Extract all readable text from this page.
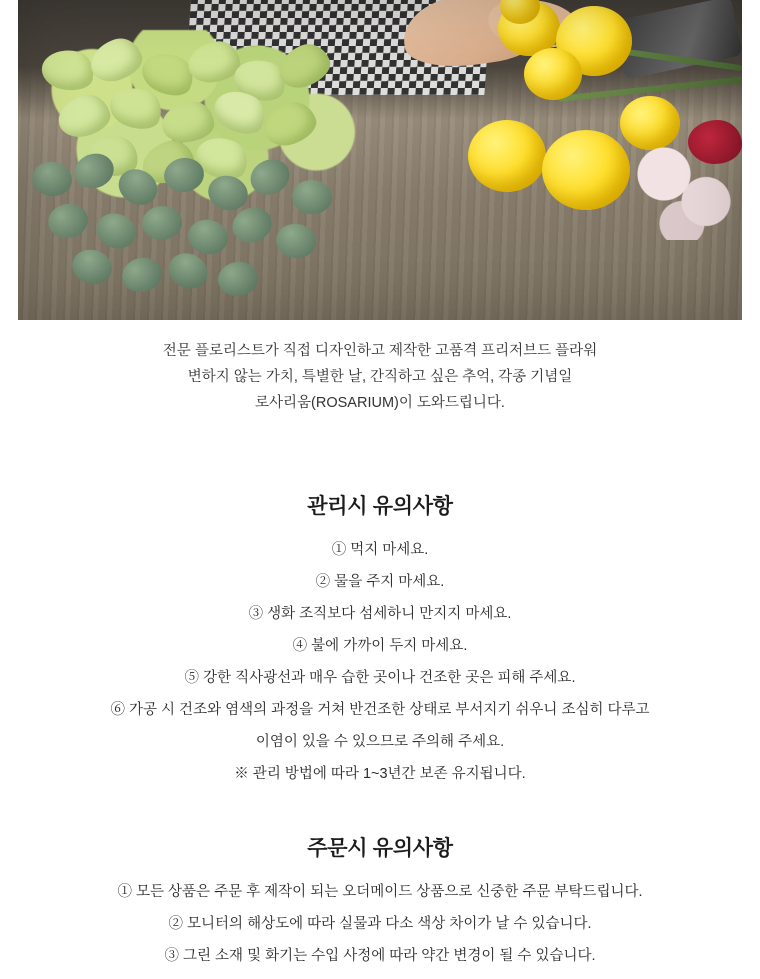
전문 플로리스트가 직접 디자인하고 제작한 고품격 프리저브드 플라워

변하지 않는 가치, 특별한 날, 간직하고 싶은 추억, 각종 기념일

로사리움(ROSARIUM)이 도와드립니다.

관리시 유의사항

① 먹지 마세요.

② 물을 주지 마세요.

③ 생화 조직보다 섬세하니 만지지 마세요.

④ 불에 가까이 두지 마세요.

⑤ 강한 직사광선과 매우 습한 곳이나 건조한 곳은 피해 주세요.

⑥ 가공 시 건조와 염색의 과정을 거쳐 반건조한 상태로 부서지기 쉬우니 조심히 다루고

이염이 있을 수 있으므로 주의해 주세요.

※ 관리 방법에 따라 1~3년간 보존 유지됩니다.

주문시 유의사항

① 모든 상품은 주문 후 제작이 되는 오더메이드 상품으로 신중한 주문 부탁드립니다.

② 모니터의 해상도에 따라 실물과 다소 색상 차이가 날 수 있습니다.

③ 그린 소재 및 화기는 수입 사정에 따라 약간 변경이 될 수 있습니다.
